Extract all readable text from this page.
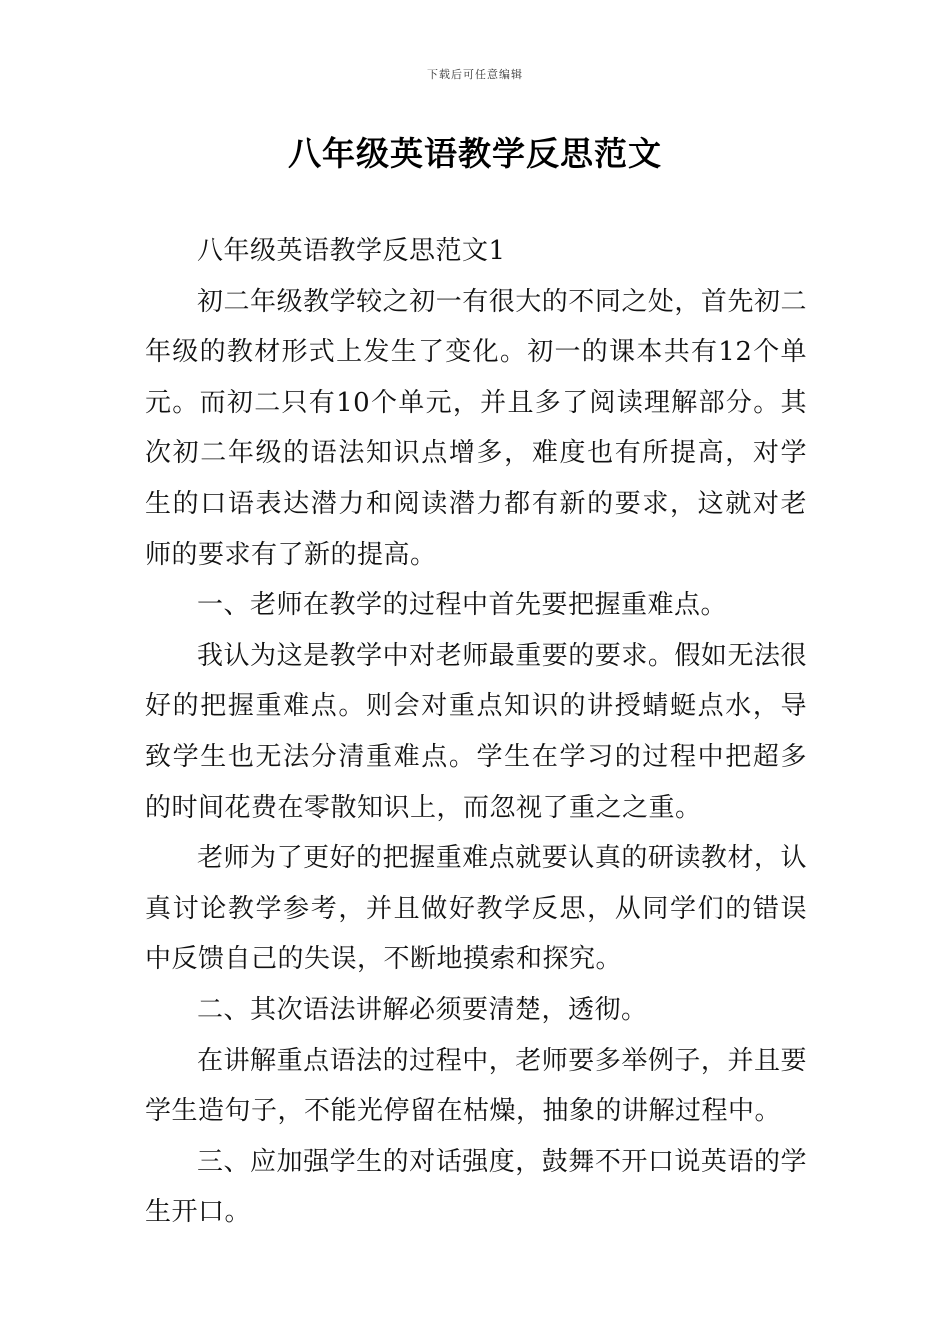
下载后可任意编辑
八年级英语教学反思范文

八年级英语教学反思范文1

初二年级教学较之初一有很大的不同之处，首先初二年级的教材形式上发生了变化。初一的课本共有12个单元。而初二只有10个单元，并且多了阅读理解部分。其次初二年级的语法知识点增多，难度也有所提高，对学生的口语表达潜力和阅读潜力都有新的要求，这就对老师的要求有了新的提高。

一、老师在教学的过程中首先要把握重难点。

我认为这是教学中对老师最重要的要求。假如无法很好的把握重难点。则会对重点知识的讲授蜻蜓点水，导致学生也无法分清重难点。学生在学习的过程中把超多的时间花费在零散知识上，而忽视了重之之重。

老师为了更好的把握重难点就要认真的研读教材，认真讨论教学参考，并且做好教学反思，从同学们的错误中反馈自己的失误，不断地摸索和探究。

二、其次语法讲解必须要清楚，透彻。

在讲解重点语法的过程中，老师要多举例子，并且要学生造句子，不能光停留在枯燥，抽象的讲解过程中。

三、应加强学生的对话强度，鼓舞不开口说英语的学生开口。
